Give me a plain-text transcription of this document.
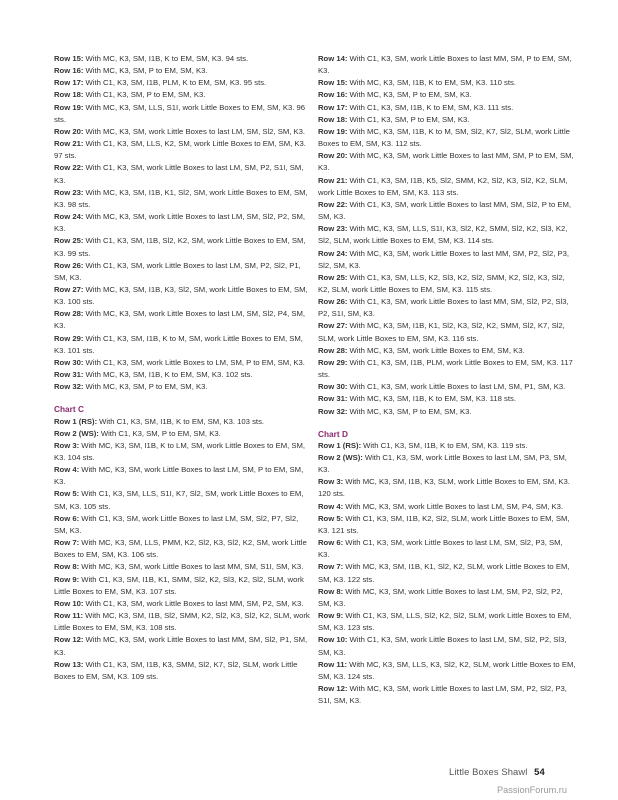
Row 15: With MC, K3, SM, I1B, K to EM, SM, K3. 94 sts.

Row 16: With MC, K3, SM, P to EM, SM, K3.

Row 17: With C1, K3, SM, I1B, PLM, K to EM, SM, K3. 95 sts.

Row 18: With C1, K3, SM, P to EM, SM, K3.

Row 19: With MC, K3, SM, LLS, S1I, work Little Boxes to EM, SM, K3. 96 sts.

Row 20: With MC, K3, SM, work Little Boxes to last LM, SM, Sl2, SM, K3.

Row 21: With C1, K3, SM, LLS, K2, SM, work Little Boxes to EM, SM, K3. 97 sts.

Row 22: With C1, K3, SM, work Little Boxes to last LM, SM, P2, S1I, SM, K3.

Row 23: With MC, K3, SM, I1B, K1, Sl2, SM, work Little Boxes to EM, SM, K3. 98 sts.

Row 24: With MC, K3, SM, work Little Boxes to last LM, SM, Sl2, P2, SM, K3.

Row 25: With C1, K3, SM, I1B, Sl2, K2, SM, work Little Boxes to EM, SM, K3. 99 sts.

Row 26: With C1, K3, SM, work Little Boxes to last LM, SM, P2, Sl2, P1, SM, K3.

Row 27: With MC, K3, SM, I1B, K3, Sl2, SM, work Little Boxes to EM, SM, K3. 100 sts.

Row 28: With MC, K3, SM, work Little Boxes to last LM, SM, Sl2, P4, SM, K3.

Row 29: With C1, K3, SM, I1B, K to M, SM, work Little Boxes to EM, SM, K3. 101 sts.

Row 30: With C1, K3, SM, work Little Boxes to LM, SM, P to EM, SM, K3.

Row 31: With MC, K3, SM, I1B, K to EM, SM, K3. 102 sts.

Row 32: With MC, K3, SM, P to EM, SM, K3.

Chart C

Row 1 (RS): With C1, K3, SM, I1B, K to EM, SM, K3. 103 sts.

Row 2 (WS): With C1, K3, SM, P to EM, SM, K3.

Row 3: With MC, K3, SM, I1B, K to LM, SM, work Little Boxes to EM, SM, K3. 104 sts.

Row 4: With MC, K3, SM, work Little Boxes to last LM, SM, P to EM, SM, K3.

Row 5: With C1, K3, SM, LLS, S1I, K7, Sl2, SM, work Little Boxes to EM, SM, K3. 105 sts.

Row 6: With C1, K3, SM, work Little Boxes to last LM, SM, Sl2, P7, Sl2, SM, K3.

Row 7: With MC, K3, SM, LLS, PMM, K2, Sl2, K3, Sl2, K2, SM, work Little Boxes to EM, SM, K3. 106 sts.

Row 8: With MC, K3, SM, work Little Boxes to last MM, SM, S1I, SM, K3.

Row 9: With C1, K3, SM, I1B, K1, SMM, Sl2, K2, Sl3, K2, Sl2, SLM, work Little Boxes to EM, SM, K3. 107 sts.

Row 10: With C1, K3, SM, work Little Boxes to last MM, SM, P2, SM, K3.

Row 11: With MC, K3, SM, I1B, Sl2, SMM, K2, Sl2, K3, Sl2, K2, SLM, work Little Boxes to EM, SM, K3. 108 sts.

Row 12: With MC, K3, SM, work Little Boxes to last MM, SM, Sl2, P1, SM, K3.

Row 13: With C1, K3, SM, I1B, K3, SMM, Sl2, K7, Sl2, SLM, work Little Boxes to EM, SM, K3. 109 sts.

Row 14: With C1, K3, SM, work Little Boxes to last MM, SM, P to EM, SM, K3.

Row 15: With MC, K3, SM, I1B, K to EM, SM, K3. 110 sts.

Row 16: With MC, K3, SM, P to EM, SM, K3.

Row 17: With C1, K3, SM, I1B, K to EM, SM, K3. 111 sts.

Row 18: With C1, K3, SM, P to EM, SM, K3.

Row 19: With MC, K3, SM, I1B, K to M, SM, Sl2, K7, Sl2, SLM, work Little Boxes to EM, SM, K3. 112 sts.

Row 20: With MC, K3, SM, work Little Boxes to last MM, SM, P to EM, SM, K3.

Row 21: With C1, K3, SM, I1B, K5, Sl2, SMM, K2, Sl2, K3, Sl2, K2, SLM, work Little Boxes to EM, SM, K3. 113 sts.

Row 22: With C1, K3, SM, work Little Boxes to last MM, SM, Sl2, P to EM, SM, K3.

Row 23: With MC, K3, SM, LLS, S1I, K3, Sl2, K2, SMM, Sl2, K2, Sl3, K2, Sl2, SLM, work Little Boxes to EM, SM, K3. 114 sts.

Row 24: With MC, K3, SM, work Little Boxes to last MM, SM, P2, Sl2, P3, Sl2, SM, K3.

Row 25: With C1, K3, SM, LLS, K2, Sl3, K2, Sl2, SMM, K2, Sl2, K3, Sl2, K2, SLM, work Little Boxes to EM, SM, K3. 115 sts.

Row 26: With C1, K3, SM, work Little Boxes to last MM, SM, Sl2, P2, Sl3, P2, S1I, SM, K3.

Row 27: With MC, K3, SM, I1B, K1, Sl2, K3, Sl2, K2, SMM, Sl2, K7, Sl2, SLM, work Little Boxes to EM, SM, K3. 116 sts.

Row 28: With MC, K3, SM, work Little Boxes to EM, SM, K3.

Row 29: With C1, K3, SM, I1B, PLM, work Little Boxes to EM, SM, K3. 117 sts.

Row 30: With C1, K3, SM, work Little Boxes to last LM, SM, P1, SM, K3.

Row 31: With MC, K3, SM, I1B, K to EM, SM, K3. 118 sts.

Row 32: With MC, K3, SM, P to EM, SM, K3.

Chart D

Row 1 (RS): With C1, K3, SM, I1B, K to EM, SM, K3. 119 sts.

Row 2 (WS): With C1, K3, SM, work Little Boxes to last LM, SM, P3, SM, K3.

Row 3: With MC, K3, SM, I1B, K3, SLM, work Little Boxes to EM, SM, K3. 120 sts.

Row 4: With MC, K3, SM, work Little Boxes to last LM, SM, P4, SM, K3.

Row 5: With C1, K3, SM, I1B, K2, Sl2, SLM, work Little Boxes to EM, SM, K3. 121 sts.

Row 6: With C1, K3, SM, work Little Boxes to last LM, SM, Sl2, P3, SM, K3.

Row 7: With MC, K3, SM, I1B, K1, Sl2, K2, SLM, work Little Boxes to EM, SM, K3. 122 sts.

Row 8: With MC, K3, SM, work Little Boxes to last LM, SM, P2, Sl2, P2, SM, K3.

Row 9: With C1, K3, SM, LLS, Sl2, K2, Sl2, SLM, work Little Boxes to EM, SM, K3. 123 sts.

Row 10: With C1, K3, SM, work Little Boxes to last LM, SM, Sl2, P2, Sl3, SM, K3.

Row 11: With MC, K3, SM, LLS, K3, Sl2, K2, SLM, work Little Boxes to EM, SM, K3. 124 sts.

Row 12: With MC, K3, SM, work Little Boxes to last LM, SM, P2, Sl2, P3, S1I, SM, K3.

Little Boxes Shawl 54
PassionForum.ru
